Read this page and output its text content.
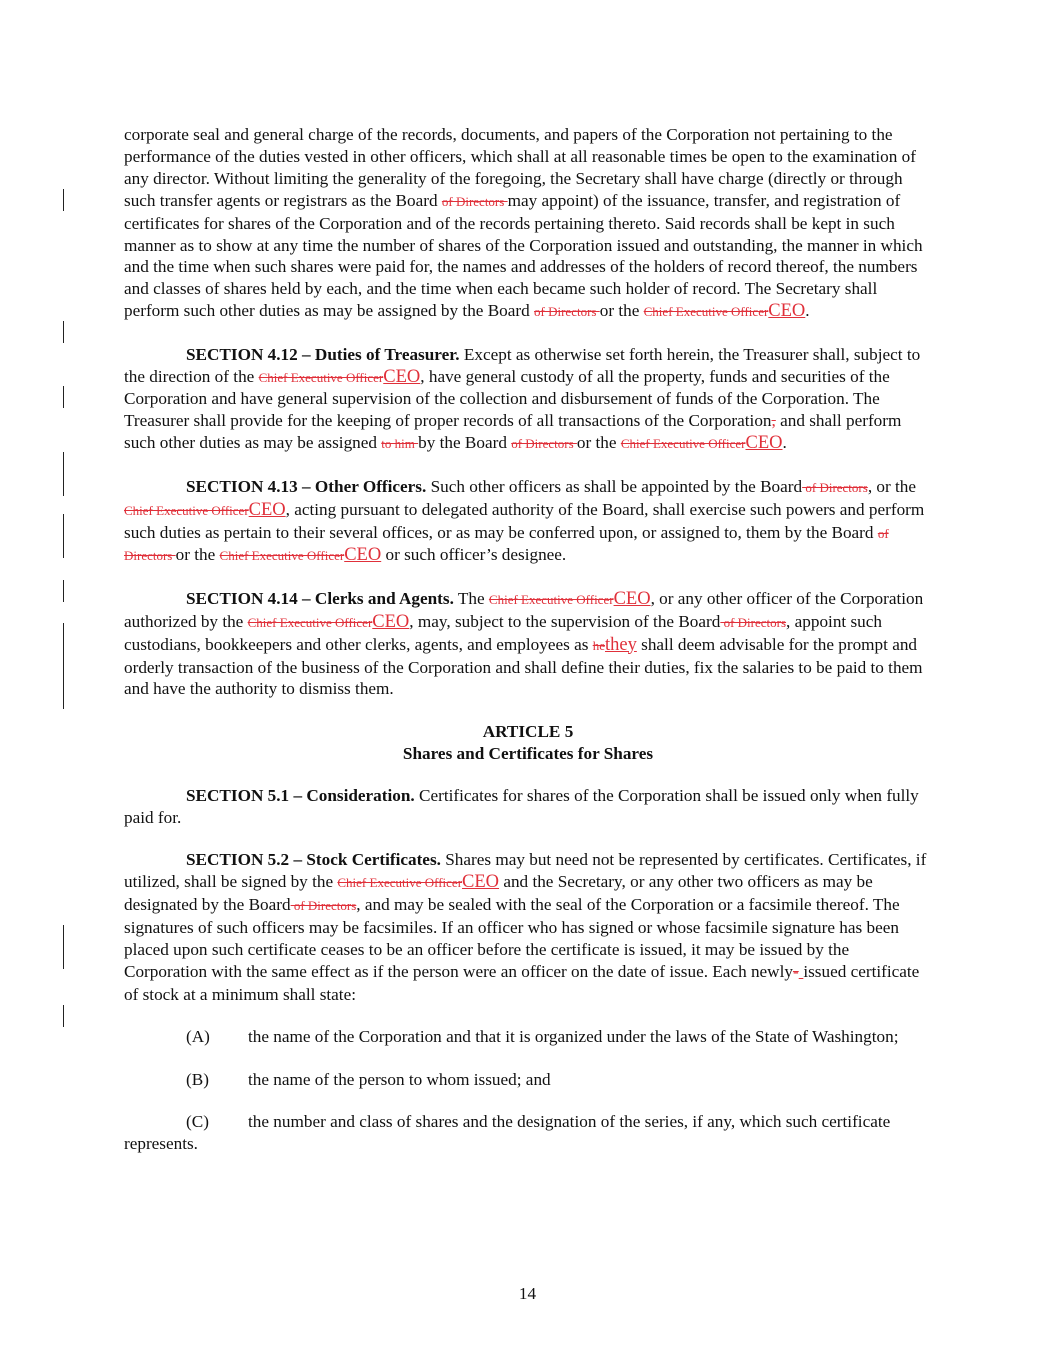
corporate seal and general charge of the records, documents, and papers of the Corporation not pertaining to the performance of the duties vested in other officers, which shall at all reasonable times be open to the examination of any director. Without limiting the generality of the foregoing, the Secretary shall have charge (directly or through such transfer agents or registrars as the Board of Directors may appoint) of the issuance, transfer, and registration of certificates for shares of the Corporation and of the records pertaining thereto. Said records shall be kept in such manner as to show at any time the number of shares of the Corporation issued and outstanding, the manner in which and the time when such shares were paid for, the names and addresses of the holders of record thereof, the numbers and classes of shares held by each, and the time when each became such holder of record. The Secretary shall perform such other duties as may be assigned by the Board of Directors or the Chief Executive OfficerCEO.

SECTION 4.12 – Duties of Treasurer. Except as otherwise set forth herein, the Treasurer shall, subject to the direction of the Chief Executive OfficerCEO, have general custody of all the property, funds and securities of the Corporation and have general supervision of the collection and disbursement of funds of the Corporation. The Treasurer shall provide for the keeping of proper records of all transactions of the Corporation, and shall perform such other duties as may be assigned to him by the Board of Directors or the Chief Executive OfficerCEO.

SECTION 4.13 – Other Officers. Such other officers as shall be appointed by the Board of Directors, or the Chief Executive OfficerCEO, acting pursuant to delegated authority of the Board, shall exercise such powers and perform such duties as pertain to their several offices, or as may be conferred upon, or assigned to, them by the Board of Directors or the Chief Executive OfficerCEO or such officer’s designee.

SECTION 4.14 – Clerks and Agents. The Chief Executive OfficerCEO, or any other officer of the Corporation authorized by the Chief Executive OfficerCEO, may, subject to the supervision of the Board of Directors, appoint such custodians, bookkeepers and other clerks, agents, and employees as hethey shall deem advisable for the prompt and orderly transaction of the business of the Corporation and shall define their duties, fix the salaries to be paid to them and have the authority to dismiss them.

ARTICLE 5
Shares and Certificates for Shares

SECTION 5.1 – Consideration. Certificates for shares of the Corporation shall be issued only when fully paid for.

SECTION 5.2 – Stock Certificates. Shares may but need not be represented by certificates. Certificates, if utilized, shall be signed by the Chief Executive OfficerCEO and the Secretary, or any other two officers as may be designated by the Board of Directors, and may be sealed with the seal of the Corporation or a facsimile thereof. The signatures of such officers may be facsimiles. If an officer who has signed or whose facsimile signature has been placed upon such certificate ceases to be an officer before the certificate is issued, it may be issued by the Corporation with the same effect as if the person were an officer on the date of issue. Each newly- issued certificate of stock at a minimum shall state:

(A) the name of the Corporation and that it is organized under the laws of the State of Washington;

(B) the name of the person to whom issued; and

(C) the number and class of shares and the designation of the series, if any, which such certificate represents.

14
